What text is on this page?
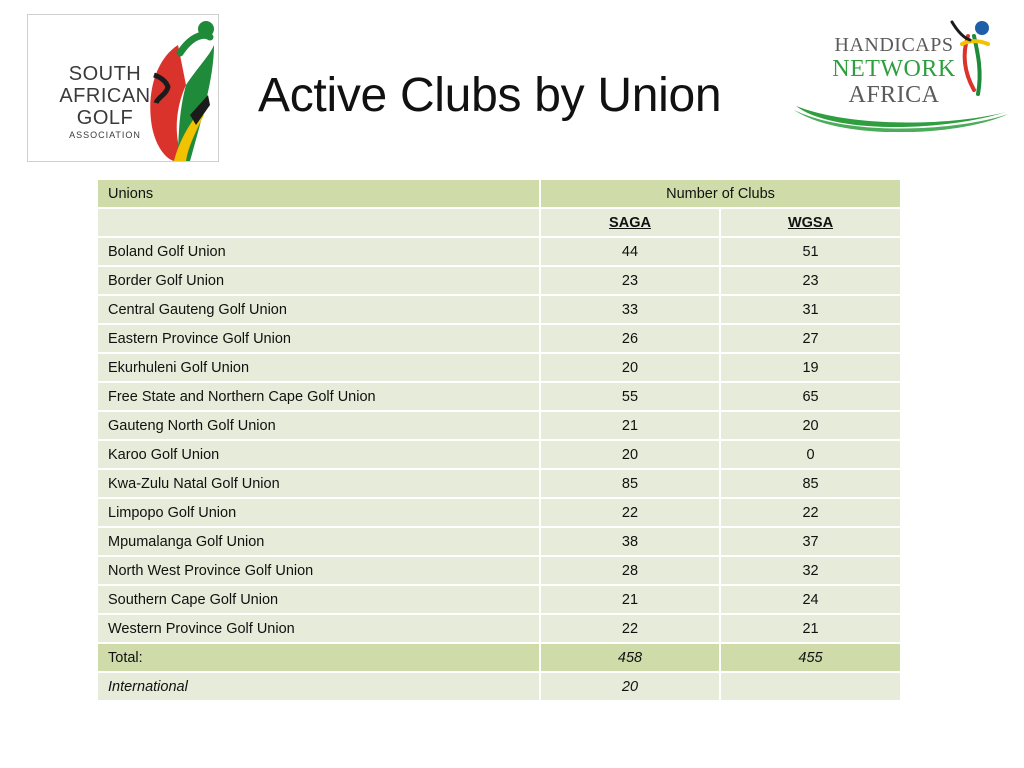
SOUTH
AFRICAN
GOLF
ASSOCIATION
Active Clubs by Union
HANDICAPS
NETWORK
AFRICA
Unions	Number of Clubs	
	SAGA	WGSA
Boland Golf Union	44	51
Border Golf Union	23	23
Central Gauteng Golf Union	33	31
Eastern Province Golf Union	26	27
Ekurhuleni Golf Union	20	19
Free State and Northern Cape Golf Union	55	65
Gauteng North Golf Union	21	20
Karoo Golf Union	20	0
Kwa-Zulu Natal Golf Union	85	85
Limpopo Golf Union	22	22
Mpumalanga Golf Union	38	37
North West Province Golf Union	28	32
Southern Cape Golf Union	21	24
Western Province Golf Union	22	21
Total:	458	455
International	20	
